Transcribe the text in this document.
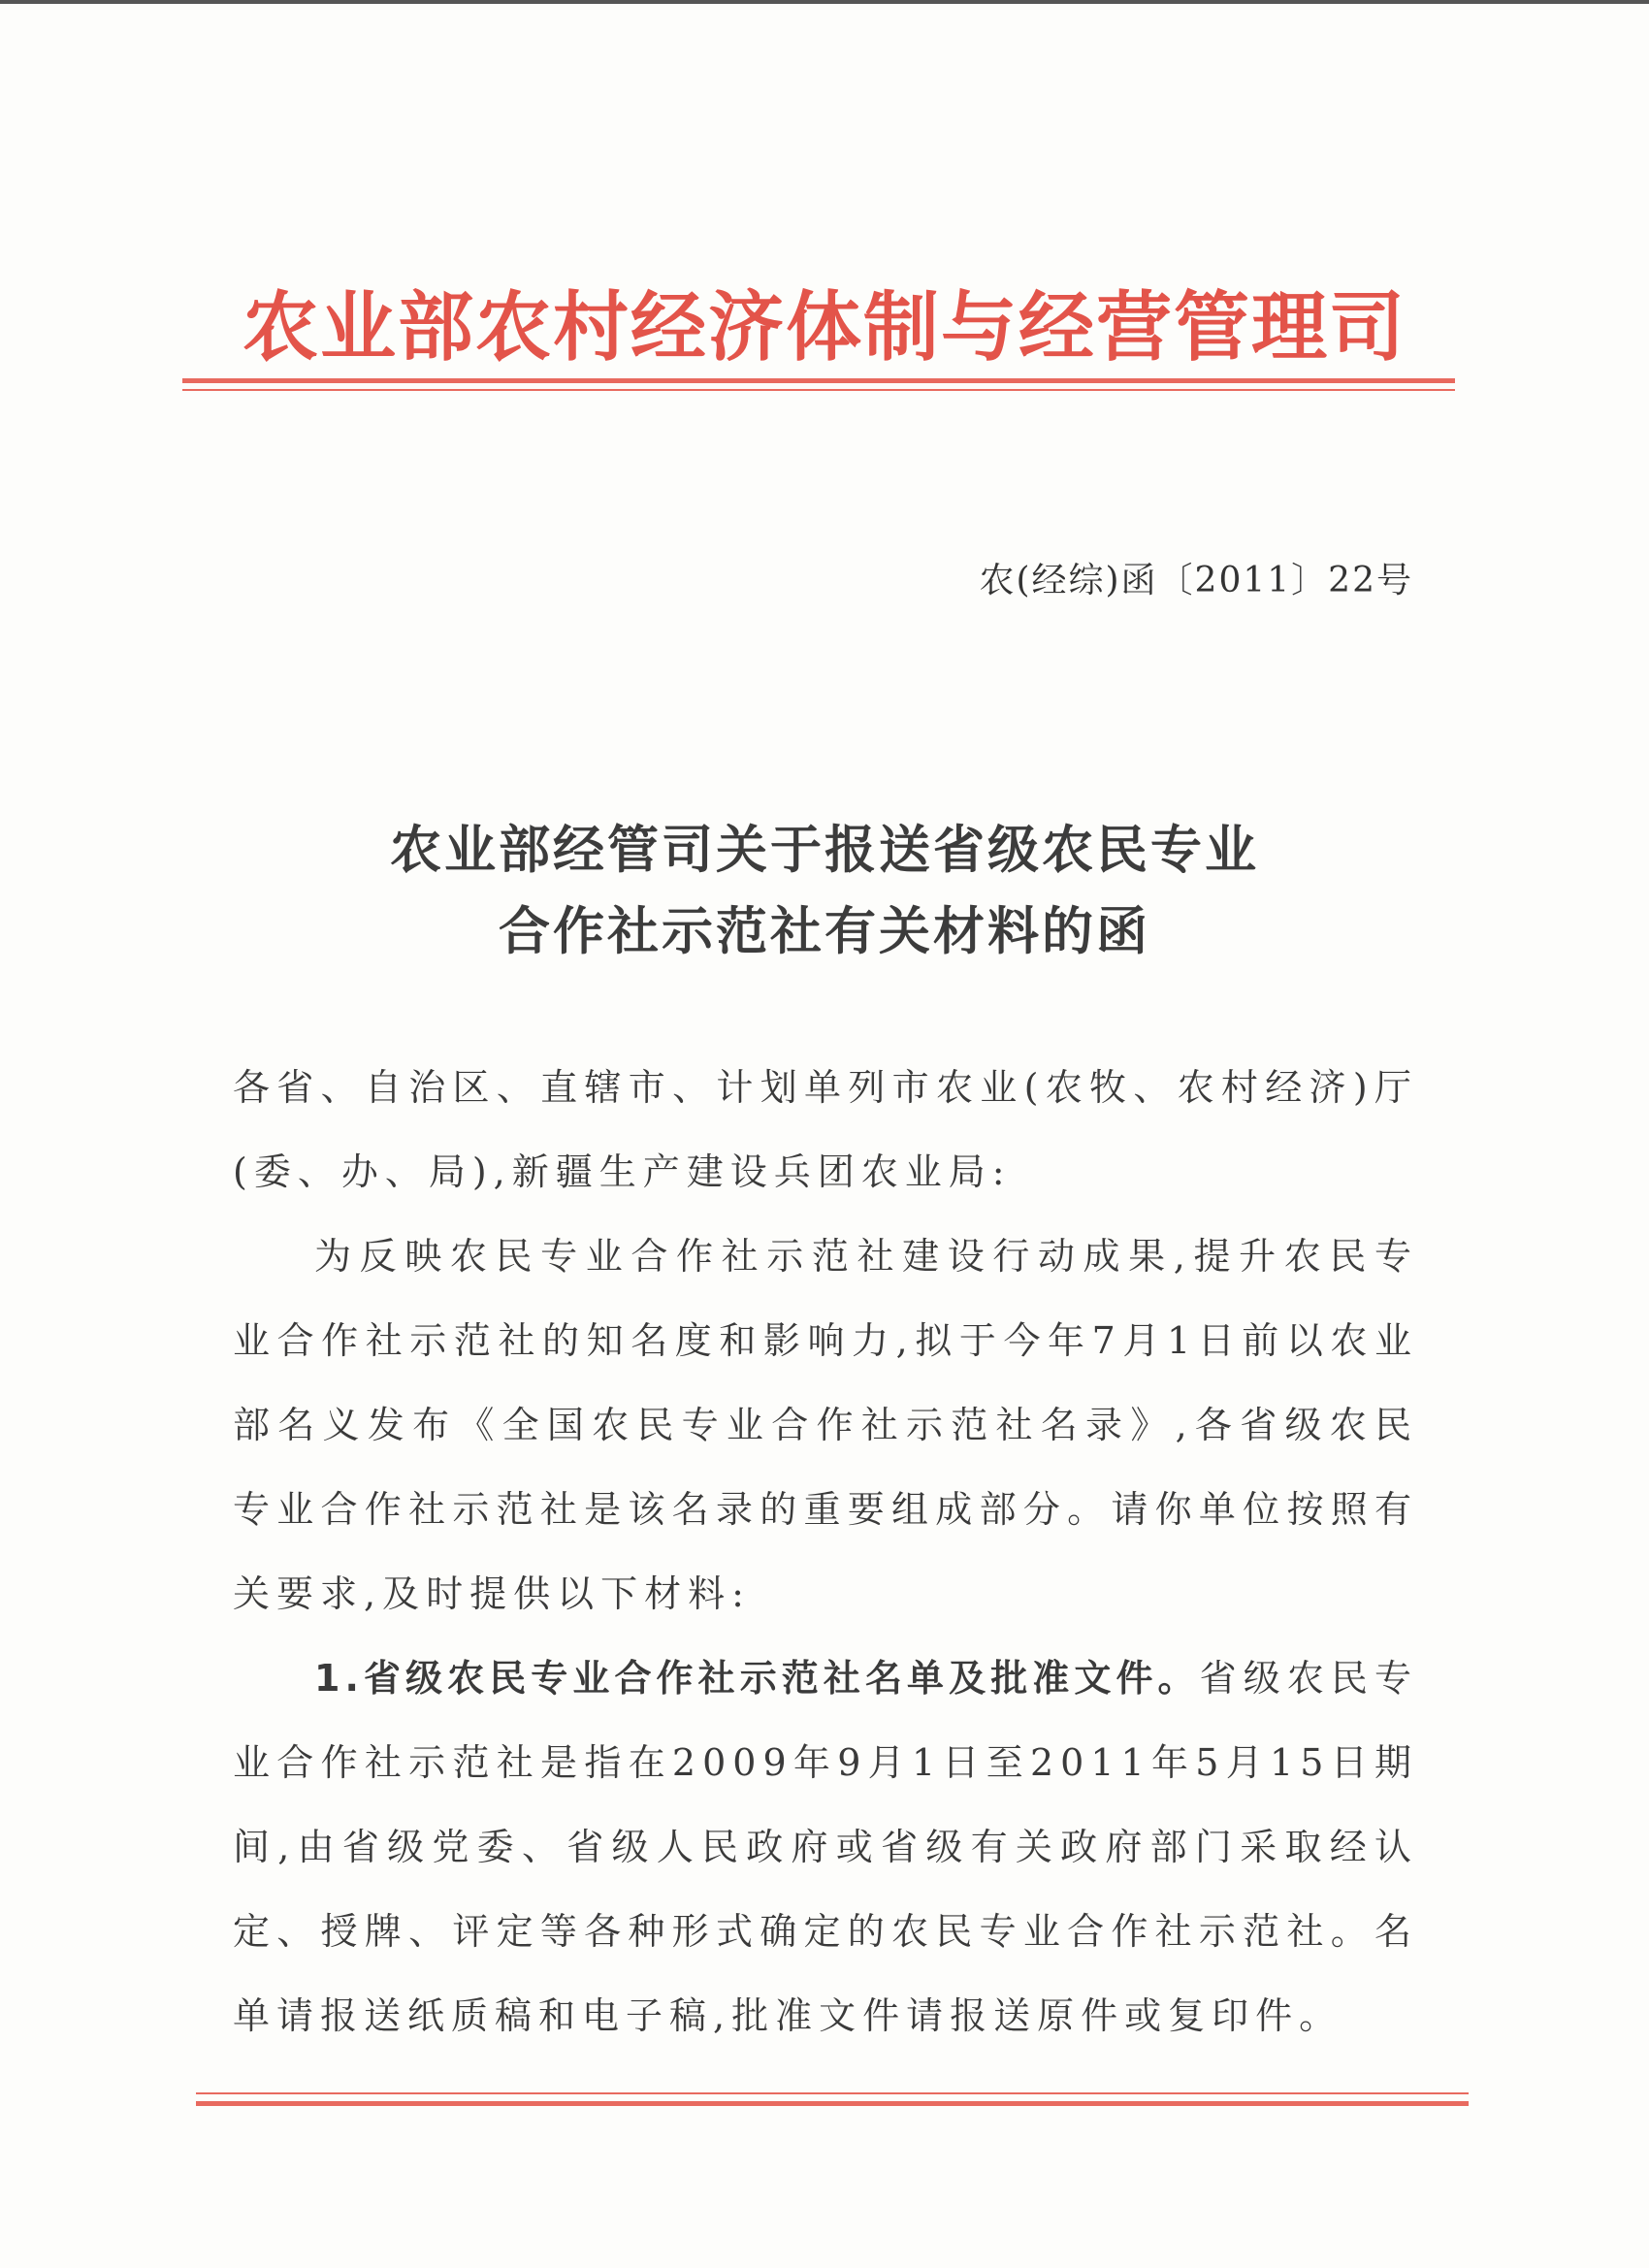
农业部农村经济体制与经营管理司
农(经综)函〔2011〕22号
农业部经管司关于报送省级农民专业
合作社示范社有关材料的函

各省、自治区、直辖市、计划单列市农业(农牧、农村经济)厅(委、办、局),新疆生产建设兵团农业局:

为反映农民专业合作社示范社建设行动成果,提升农民专业合作社示范社的知名度和影响力,拟于今年7月1日前以农业部名义发布《全国农民专业合作社示范社名录》,各省级农民专业合作社示范社是该名录的重要组成部分。请你单位按照有关要求,及时提供以下材料:

1.省级农民专业合作社示范社名单及批准文件。省级农民专业合作社示范社是指在2009年9月1日至2011年5月15日期间,由省级党委、省级人民政府或省级有关政府部门采取经认定、授牌、评定等各种形式确定的农民专业合作社示范社。名单请报送纸质稿和电子稿,批准文件请报送原件或复印件。
